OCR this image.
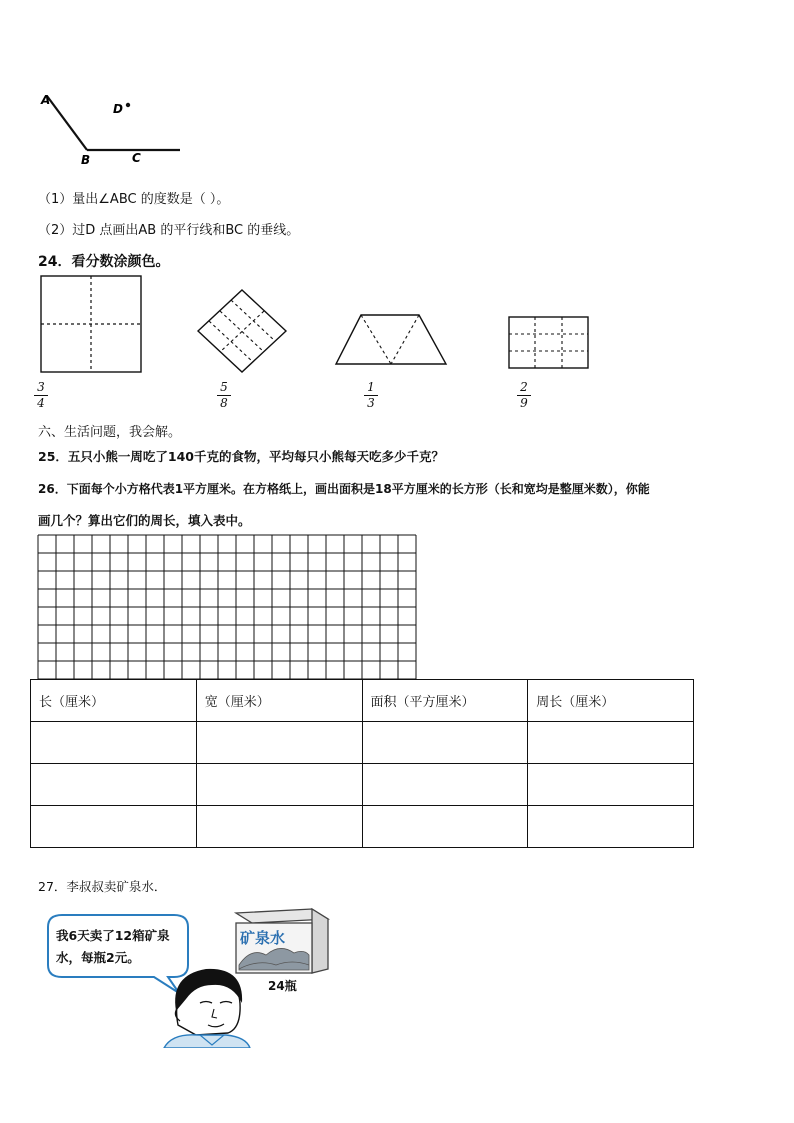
A
B	C
D
（1）量出∠ABC 的度数是（ ）。
（2）过D 点画出AB 的平行线和BC 的垂线。
24．看分数涂颜色。
3
4
5
8
1
3
2
9
六、生活问题，我会解。
25．五只小熊一周吃了140千克的食物，平均每只小熊每天吃多少千克？
26．下面每个小方格代表1平方厘米。在方格纸上，画出面积是18平方厘米的长方形（长和宽均是整厘米数），你能
画几个？算出它们的周长，填入表中。
长（厘米）	宽（厘米）	面积（平方厘米）	周长（厘米）

27．李叔叔卖矿泉水．
我6天卖了12箱矿泉
水，每瓶2元。
矿泉水
24瓶
